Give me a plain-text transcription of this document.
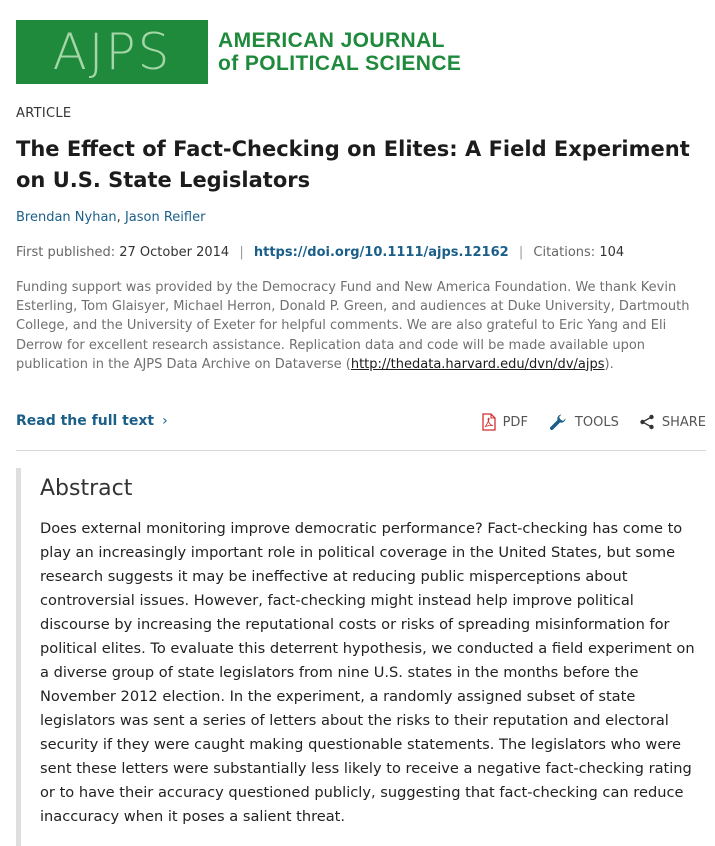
AJPS AMERICAN JOURNAL
of POLITICAL SCIENCE
ARTICLE
The Effect of Fact-Checking on Elites: A Field Experiment on U.S. State Legislators
Brendan Nyhan, Jason Reifler
First published: 27 October 2014 | https://doi.org/10.1111/ajps.12162 | Citations: 104

Funding support was provided by the Democracy Fund and New America Foundation. We thank Kevin Esterling, Tom Glaisyer, Michael Herron, Donald P. Green, and audiences at Duke University, Dartmouth College, and the University of Exeter for helpful comments. We are also grateful to Eric Yang and Eli Derrow for excellent research assistance. Replication data and code will be made available upon publication in the AJPS Data Archive on Dataverse (http://thedata.harvard.edu/dvn/dv/ajps).

Read the full text ›	PDF	TOOLS	SHARE
Abstract

Does external monitoring improve democratic performance? Fact-checking has come to play an increasingly important role in political coverage in the United States, but some research suggests it may be ineffective at reducing public misperceptions about controversial issues. However, fact-checking might instead help improve political discourse by increasing the reputational costs or risks of spreading misinformation for political elites. To evaluate this deterrent hypothesis, we conducted a field experiment on a diverse group of state legislators from nine U.S. states in the months before the November 2012 election. In the experiment, a randomly assigned subset of state legislators was sent a series of letters about the risks to their reputation and electoral security if they were caught making questionable statements. The legislators who were sent these letters were substantially less likely to receive a negative fact-checking rating or to have their accuracy questioned publicly, suggesting that fact-checking can reduce inaccuracy when it poses a salient threat.
